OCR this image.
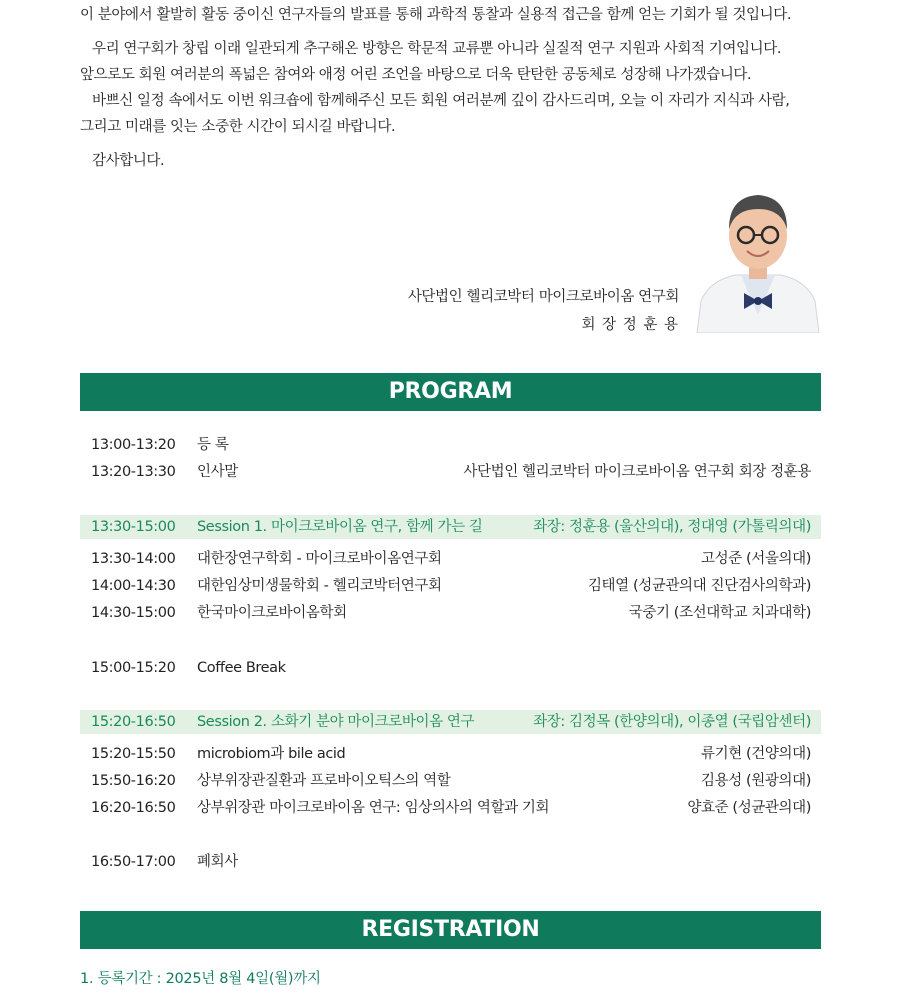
이 분야에서 활발히 활동 중이신 연구자들의 발표를 통해 과학적 통찰과 실용적 접근을 함께 얻는 기회가 될 것입니다.

우리 연구회가 창립 이래 일관되게 추구해온 방향은 학문적 교류뿐 아니라 실질적 연구 지원과 사회적 기여입니다.

앞으로도 회원 여러분의 폭넓은 참여와 애정 어린 조언을 바탕으로 더욱 탄탄한 공동체로 성장해 나가겠습니다.

바쁘신 일정 속에서도 이번 워크숍에 함께해주신 모든 회원 여러분께 깊이 감사드리며, 오늘 이 자리가 지식과 사람,

그리고 미래를 잇는 소중한 시간이 되시길 바랍니다.

감사합니다.

사단법인 헬리코박터 마이크로바이옴 연구회
회 장 정 훈 용
PROGRAM
13:00-13:20 등 록
13:20-13:30 인사말	사단법인 헬리코박터 마이크로바이옴 연구회 회장 정훈용
13:30-15:00 Session 1. 마이크로바이옴 연구, 함께 가는 길	좌장: 정훈용 (울산의대), 정대영 (가톨릭의대)
13:30-14:00 대한장연구학회 - 마이크로바이옴연구회	고성준 (서울의대)
14:00-14:30 대한임상미생물학회 - 헬리코박터연구회	김태열 (성균관의대 진단검사의학과)
14:30-15:00 한국마이크로바이옴학회	국중기 (조선대학교 치과대학)
15:00-15:20 Coffee Break
15:20-16:50 Session 2. 소화기 분야 마이크로바이옴 연구	좌장: 김정목 (한양의대), 이종열 (국립암센터)
15:20-15:50 microbiom과 bile acid	류기현 (건양의대)
15:50-16:20 상부위장관질환과 프로바이오틱스의 역할	김용성 (원광의대)
16:20-16:50 상부위장관 마이크로바이옴 연구: 임상의사의 역할과 기회	양효준 (성균관의대)
16:50-17:00 폐회사
REGISTRATION
1. 등록기간 : 2025년 8월 4일(월)까지
